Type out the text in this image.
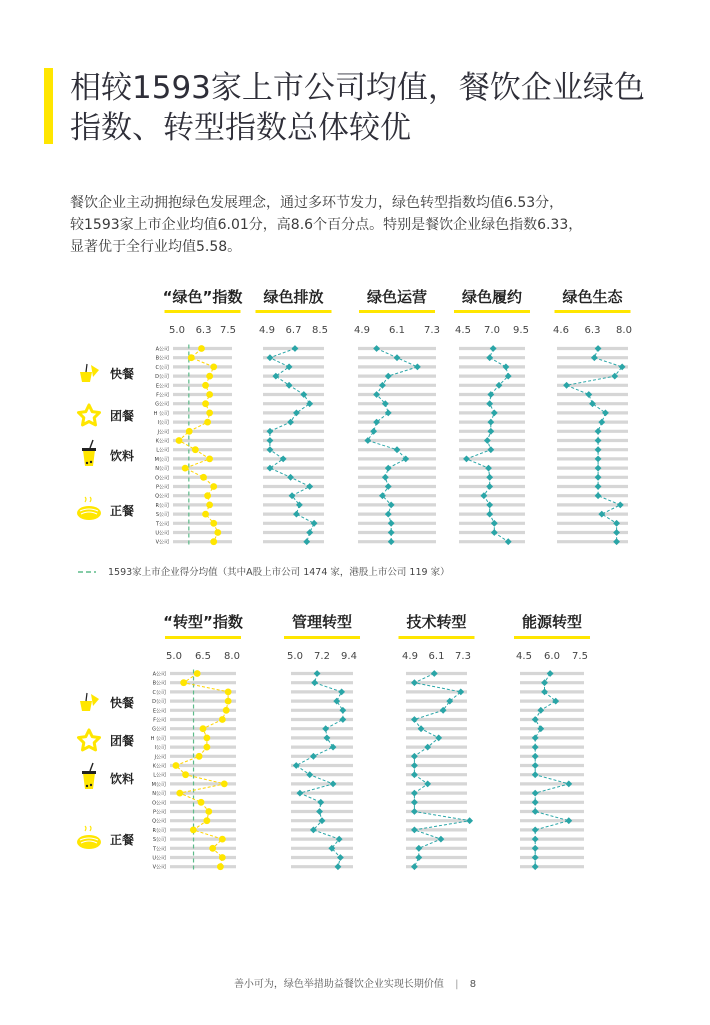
相较1593家上市公司均值，餐饮企业绿色
指数、转型指数总体较优
餐饮企业主动拥抱绿色发展理念，通过多环节发力，绿色转型指数均值6.53分，
较1593家上市企业均值6.01分，高8.6个百分点。特别是餐饮企业绿色指数6.33，
显著优于全行业均值5.58。
“绿色”指数
5.0 6.3 7.5
A公司
B公司
C公司
D公司
E公司
F公司
G公司
H 公司
I公司
J公司
K公司
L公司
M公司
N公司
O公司
P公司
Q公司
R公司
S公司
T公司
U公司
V公司
绿色排放
4.9 6.7 8.5
绿色运营
4.9 6.1 7.3
绿色履约
4.5 7.0 9.5
绿色生态
4.6 6.3 8.0
“转型”指数
5.0 6.5 8.0
A公司
B公司
C公司
D公司
E公司
F公司
G公司
H 公司
I公司
J公司
K公司
L公司
M公司
N公司
O公司
P公司
Q公司
R公司
S公司
T公司
U公司
V公司
管理转型
5.0 7.2 9.4
技术转型
4.9 6.1 7.3
能源转型
4.5 6.0 7.5
快餐
团餐
饮料
正餐
快餐
团餐
饮料
正餐
1593家上市企业得分均值（其中A股上市公司 1474 家，港股上市公司 119 家）
善小可为，绿色举措助益餐饮企业实现长期价值 | 8
